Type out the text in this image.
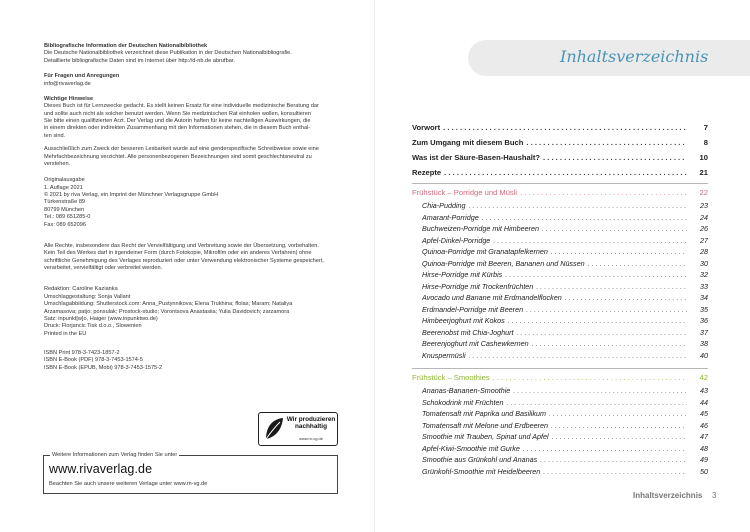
Bibliografische Information der Deutschen Nationalbibliothek
Die Deutsche Nationalbibliothek verzeichnet diese Publikation in der Deutschen Nationalbibliografie.
Detaillierte bibliografische Daten sind im Internet über http://d-nb.de abrufbar.
Für Fragen und Anregungen
info@rivaverlag.de
Wichtige Hinweise
Dieses Buch ist für Lernzwecke gedacht. Es stellt keinen Ersatz für eine individuelle medizinische Beratung dar
und sollte auch nicht als solcher benutzt werden. Wenn Sie medizinischen Rat einholen wollen, konsultieren
Sie bitte einen qualifizierten Arzt. Der Verlag und die Autorin haften für keine nachteiligen Auswirkungen, die
in einem direkten oder indirekten Zusammenhang mit den Informationen stehen, die in diesem Buch enthal-
ten sind.
Ausschließlich zum Zweck der besseren Lesbarkeit wurde auf eine genderspezifische Schreibweise sowie eine
Mehrfachbezeichnung verzichtet. Alle personenbezogenen Bezeichnungen sind somit geschlechtsneutral zu
verstehen.
Originalausgabe
1. Auflage 2021
© 2021 by riva Verlag, ein Imprint der Münchner Verlagsgruppe GmbH
Türkenstraße 89
80799 München
Tel.: 089 651285-0
Fax: 089 652096
Alle Rechte, insbesondere das Recht der Vervielfältigung und Verbreitung sowie der Übersetzung, vorbehalten.
Kein Teil des Werkes darf in irgendeiner Form (durch Fotokopie, Mikrofilm oder ein anderes Verfahren) ohne
schriftliche Genehmigung des Verlages reproduziert oder unter Verwendung elektronischer Systeme gespeichert,
verarbeitet, vervielfältigt oder verbreitet werden.
Redaktion: Caroline Kazianka
Umschlaggestaltung: Sonja Vallant
Umschlagabbildung: Shutterstock.com: Anna_Pustynnikova; Elena Trukhina; ffolas; Maram; Nataliya
Arzamasova; patjo; ponsulak; Prostock-studio; Vorontsova Anastasiia; Yulia Davidovich; zarzamora
Satz: inpunkt[w]o, Haiger (www.inpunktwo.de)
Druck: Florjancic Tisk d.o.o., Slowenien
Printed in the EU
ISBN Print 978-3-7423-1857-2
ISBN E-Book (PDF) 978-3-7453-1574-5
ISBN E-Book (EPUB, Mobi) 978-3-7453-1575-2
Wir produzieren nachhaltig
www.m-vg.de
Weitere Informationen zum Verlag finden Sie unter
www.rivaverlag.de
Beachten Sie auch unsere weiteren Verlage unter www.m-vg.de
Inhaltsverzeichnis
Vorwort . . .	7
Zum Umgang mit diesem Buch . . .	8
Was ist der Säure-Basen-Haushalt? . . .	10
Rezepte . . .	21
Frühstück – Porridge und Müsli . . .	22
Chia-Pudding . . .	23
Amarant-Porridge . . .	24
Buchweizen-Porridge mit Himbeeren . . .	26
Apfel-Dinkel-Porridge . . .	27
Quinoa-Porridge mit Granatapfelkernen . . .	28
Quinoa-Porridge mit Beeren, Bananen und Nüssen . . .	30
Hirse-Porridge mit Kürbis . . .	32
Hirse-Porridge mit Trockenfrüchten . . .	33
Avocado und Banane mit Erdmandelflocken . . .	34
Erdmandel-Porridge mit Beeren . . .	35
Himbeerjoghurt mit Kokos . . .	36
Beerenobst mit Chia-Joghurt . . .	37
Beerenjoghurt mit Cashewkernen . . .	38
Knuspermüsli . . .	40
Frühstück – Smoothies . . .	42
Ananas-Bananen-Smoothie . . .	43
Schokodrink mit Früchten . . .	44
Tomatensaft mit Paprika und Basilikum . . .	45
Tomatensaft mit Melone und Erdbeeren . . .	46
Smoothie mit Trauben, Spinat und Apfel . . .	47
Apfel-Kiwi-Smoothie mit Gurke . . .	48
Smoothie aus Grünkohl und Ananas . . .	49
Grünkohl-Smoothie mit Heidelbeeren . . .	50
Inhaltsverzeichnis 3
